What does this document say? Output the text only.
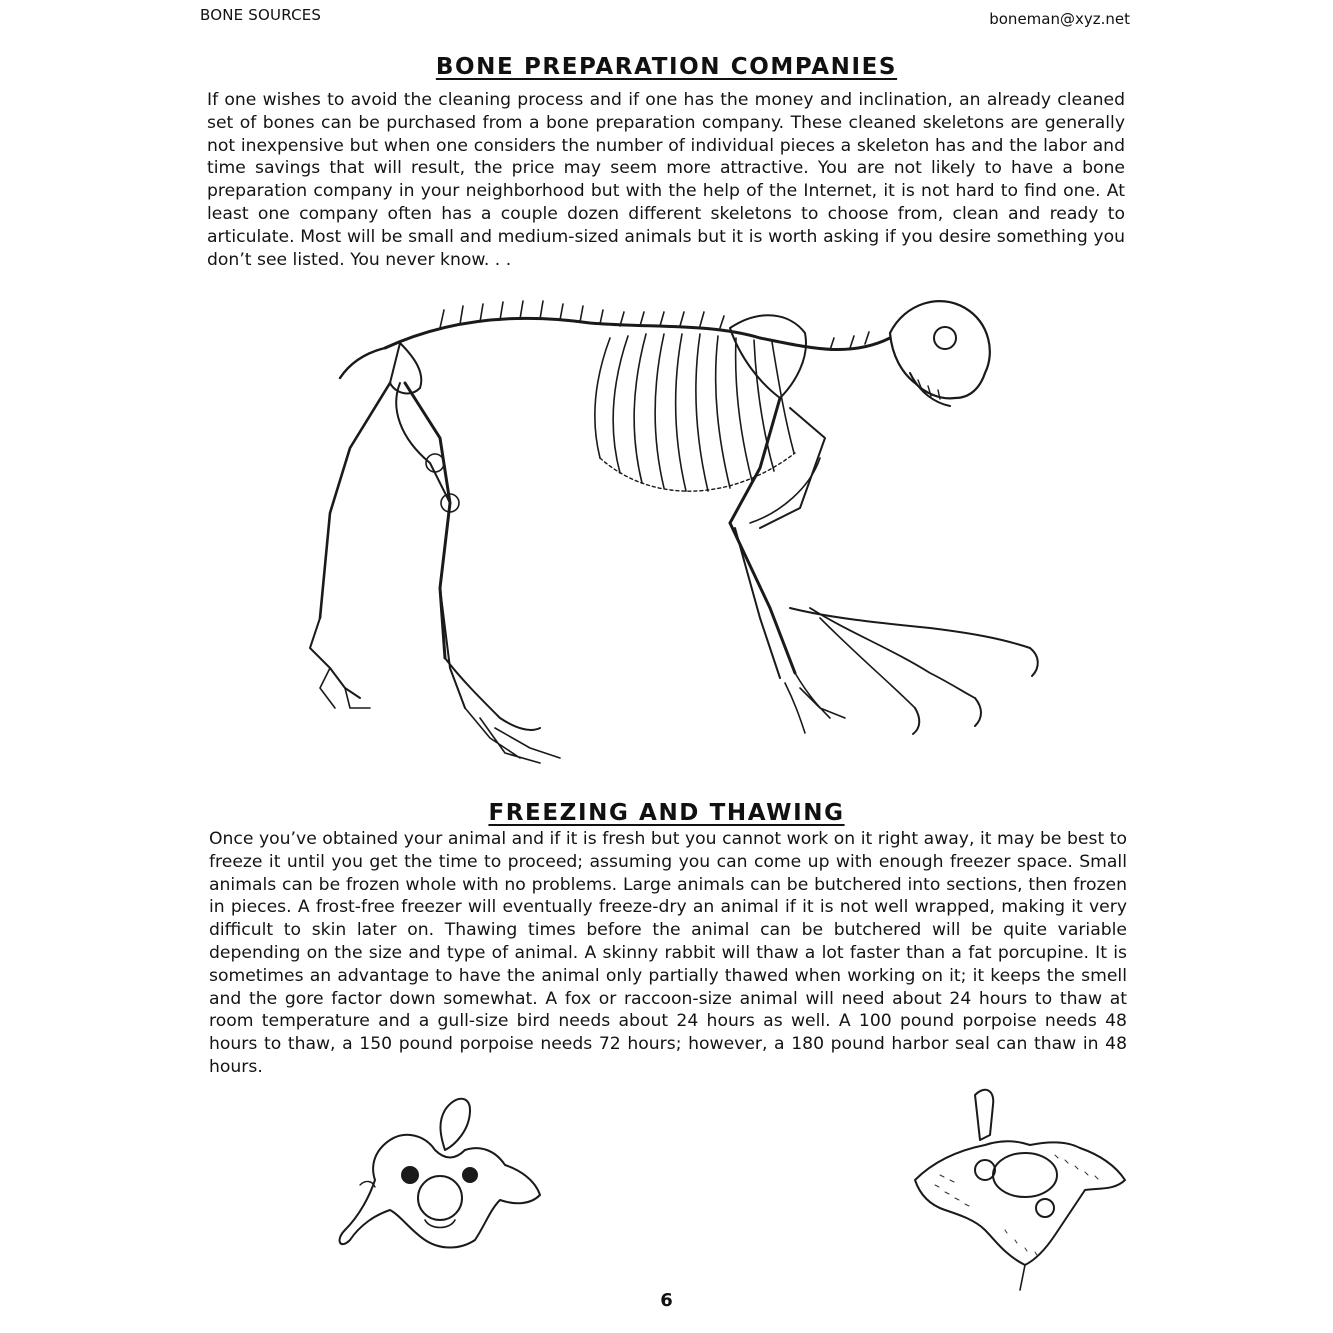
BONE SOURCES	boneman@xyz.net
BONE PREPARATION COMPANIES
If one wishes to avoid the cleaning process and if one has the money and inclination, an already cleaned set of bones can be purchased from a bone preparation company. These cleaned skeletons are generally not inexpensive but when one considers the number of individual pieces a skeleton has and the labor and time savings that will result, the price may seem more attractive. You are not likely to have a bone preparation company in your neighborhood but with the help of the Internet, it is not hard to find one. At least one company often has a couple dozen different skeletons to choose from, clean and ready to articulate. Most will be small and medium-sized animals but it is worth asking if you desire something you don’t see listed. You never know. . .
FREEZING AND THAWING
Once you’ve obtained your animal and if it is fresh but you cannot work on it right away, it may be best to freeze it until you get the time to proceed; assuming you can come up with enough freezer space. Small animals can be frozen whole with no problems. Large animals can be butchered into sections, then frozen in pieces. A frost-free freezer will eventually freeze-dry an animal if it is not well wrapped, making it very difficult to skin later on. Thawing times before the animal can be butchered will be quite variable depending on the size and type of animal. A skinny rabbit will thaw a lot faster than a fat porcupine. It is sometimes an advantage to have the animal only partially thawed when working on it; it keeps the smell and the gore factor down somewhat. A fox or raccoon-size animal will need about 24 hours to thaw at room temperature and a gull-size bird needs about 24 hours as well. A 100 pound porpoise needs 48 hours to thaw, a 150 pound porpoise needs 72 hours; however, a 180 pound harbor seal can thaw in 48 hours.
6
